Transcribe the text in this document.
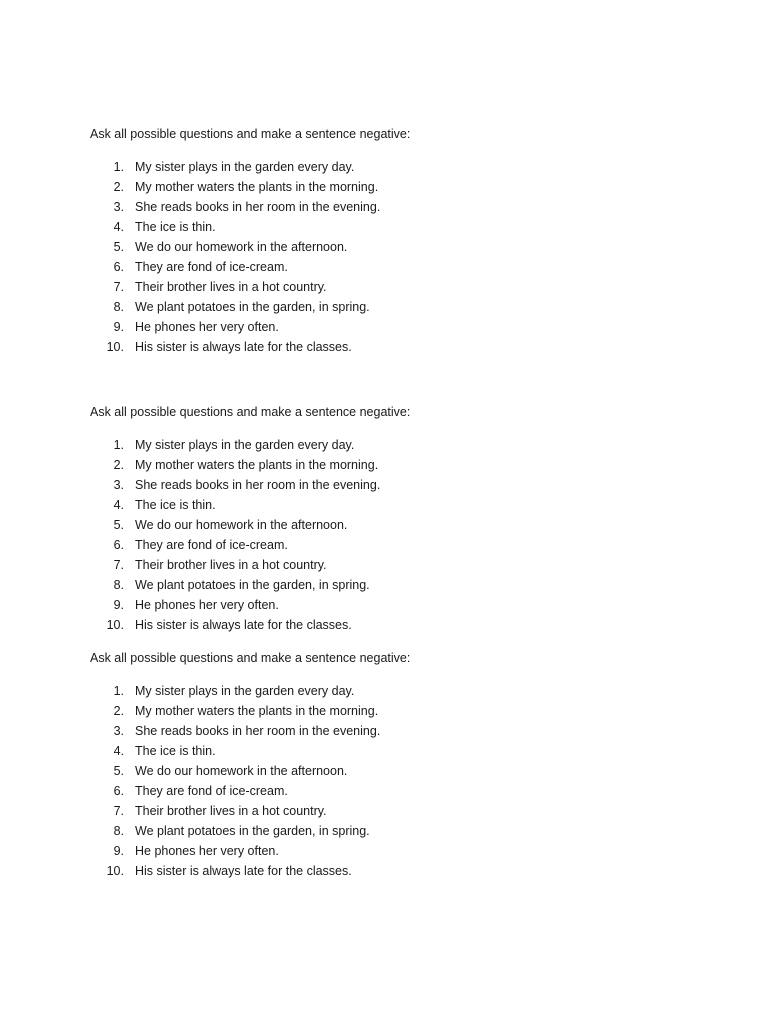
Ask all possible questions and make a sentence negative:

1. My sister plays in the garden every day.
2. My mother waters the plants in the morning.
3. She reads books in her room in the evening.
4. The ice is thin.
5. We do our homework in the afternoon.
6. They are fond of ice-cream.
7. Their brother lives in a hot country.
8. We plant potatoes in the garden, in spring.
9. He phones her very often.
10. His sister is always late for the classes.

Ask all possible questions and make a sentence negative:

1. My sister plays in the garden every day.
2. My mother waters the plants in the morning.
3. She reads books in her room in the evening.
4. The ice is thin.
5. We do our homework in the afternoon.
6. They are fond of ice-cream.
7. Their brother lives in a hot country.
8. We plant potatoes in the garden, in spring.
9. He phones her very often.
10. His sister is always late for the classes.

Ask all possible questions and make a sentence negative:

1. My sister plays in the garden every day.
2. My mother waters the plants in the morning.
3. She reads books in her room in the evening.
4. The ice is thin.
5. We do our homework in the afternoon.
6. They are fond of ice-cream.
7. Their brother lives in a hot country.
8. We plant potatoes in the garden, in spring.
9. He phones her very often.
10. His sister is always late for the classes.
